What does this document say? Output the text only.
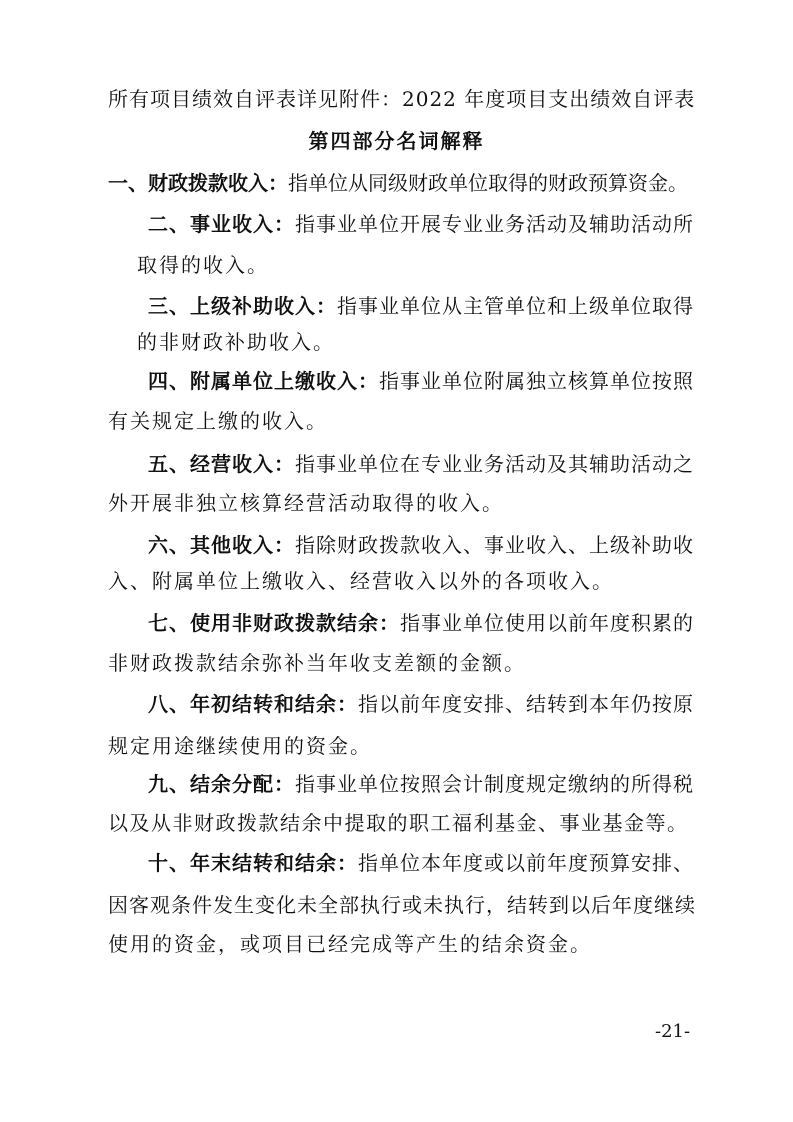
所有项目绩效自评表详见附件：2022 年度项目支出绩效自评表
第四部分名词解释
一、财政拨款收入：指单位从同级财政单位取得的财政预算资金。
二、事业收入：指事业单位开展专业业务活动及辅助活动所
取得的收入。
三、上级补助收入：指事业单位从主管单位和上级单位取得
的非财政补助收入。
四、附属单位上缴收入：指事业单位附属独立核算单位按照
有关规定上缴的收入。
五、经营收入：指事业单位在专业业务活动及其辅助活动之
外开展非独立核算经营活动取得的收入。
六、其他收入：指除财政拨款收入、事业收入、上级补助收
入、附属单位上缴收入、经营收入以外的各项收入。
七、使用非财政拨款结余：指事业单位使用以前年度积累的
非财政拨款结余弥补当年收支差额的金额。
八、年初结转和结余：指以前年度安排、结转到本年仍按原
规定用途继续使用的资金。
九、结余分配：指事业单位按照会计制度规定缴纳的所得税
以及从非财政拨款结余中提取的职工福利基金、事业基金等。
十、年末结转和结余：指单位本年度或以前年度预算安排、
因客观条件发生变化未全部执行或未执行，结转到以后年度继续
使用的资金，或项目已经完成等产生的结余资金。
-21-
